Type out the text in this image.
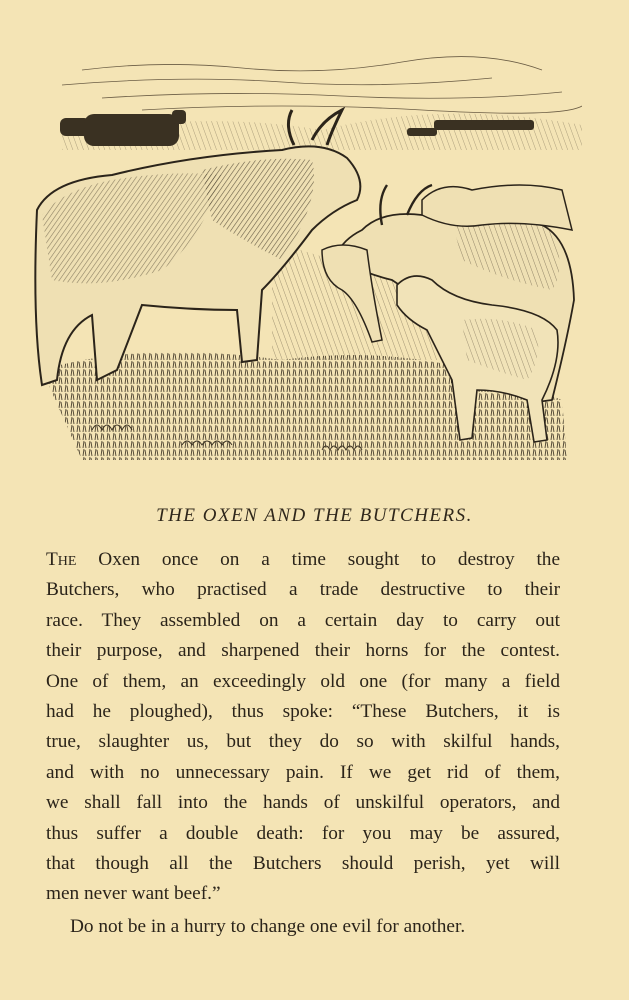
THE OXEN AND THE BUTCHERS.
The Oxen once on a time sought to destroy the
Butchers, who practised a trade destructive to their
race. They assembled on a certain day to carry out
their purpose, and sharpened their horns for the contest.
One of them, an exceedingly old one (for many a field
had he ploughed), thus spoke: “These Butchers, it is
true, slaughter us, but they do so with skilful hands,
and with no unnecessary pain. If we get rid of them,
we shall fall into the hands of unskilful operators, and
thus suffer a double death: for you may be assured,
that though all the Butchers should perish, yet will
men never want beef.”
Do not be in a hurry to change one evil for another.
